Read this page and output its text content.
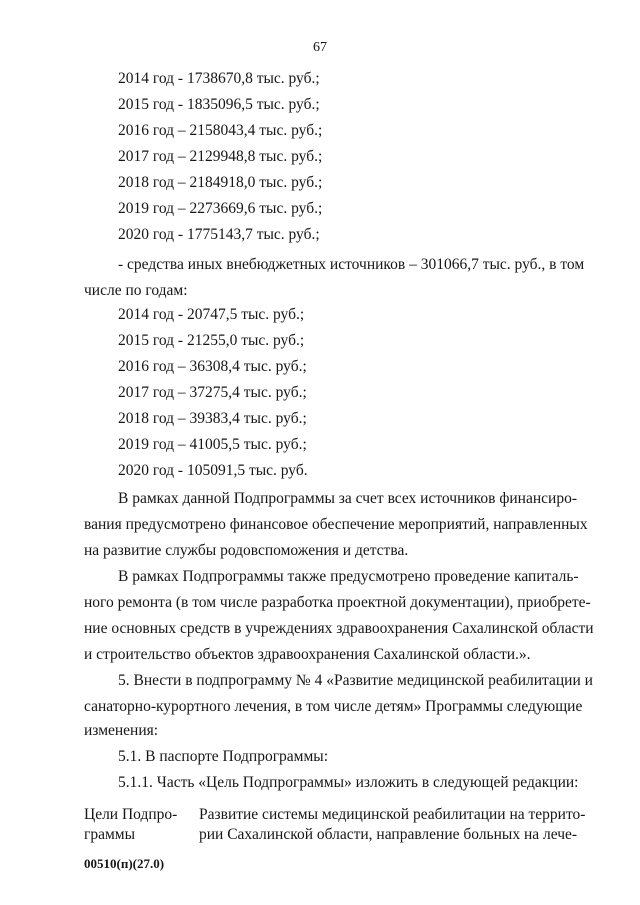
67
2014 год - 1738670,8 тыс. руб.;
2015 год - 1835096,5 тыс. руб.;
2016 год – 2158043,4 тыс. руб.;
2017 год – 2129948,8 тыс. руб.;
2018 год – 2184918,0 тыс. руб.;
2019 год – 2273669,6 тыс. руб.;
2020 год - 1775143,7 тыс. руб.;
- средства иных внебюджетных источников – 301066,7 тыс. руб., в том
числе по годам:
2014 год - 20747,5 тыс. руб.;
2015 год - 21255,0 тыс. руб.;
2016 год – 36308,4 тыс. руб.;
2017 год – 37275,4 тыс. руб.;
2018 год – 39383,4 тыс. руб.;
2019 год – 41005,5 тыс. руб.;
2020 год - 105091,5 тыс. руб.
В рамках данной Подпрограммы за счет всех источников финансиро-
вания предусмотрено финансовое обеспечение мероприятий, направленных
на развитие службы родовспоможения и детства.
В рамках Подпрограммы также предусмотрено проведение капиталь-
ного ремонта (в том числе разработка проектной документации), приобрете-
ние основных средств в учреждениях здравоохранения Сахалинской области
и строительство объектов здравоохранения Сахалинской области.».
5. Внести в подпрограмму № 4 «Развитие медицинской реабилитации и
санаторно-курортного лечения, в том числе детям» Программы следующие
изменения:
5.1. В паспорте Подпрограммы:
5.1.1. Часть «Цель Подпрограммы» изложить в следующей редакции:
Цели Подпро-
граммы
Развитие системы медицинской реабилитации на террито-
рии Сахалинской области, направление больных на лече-
00510(п)(27.0)
